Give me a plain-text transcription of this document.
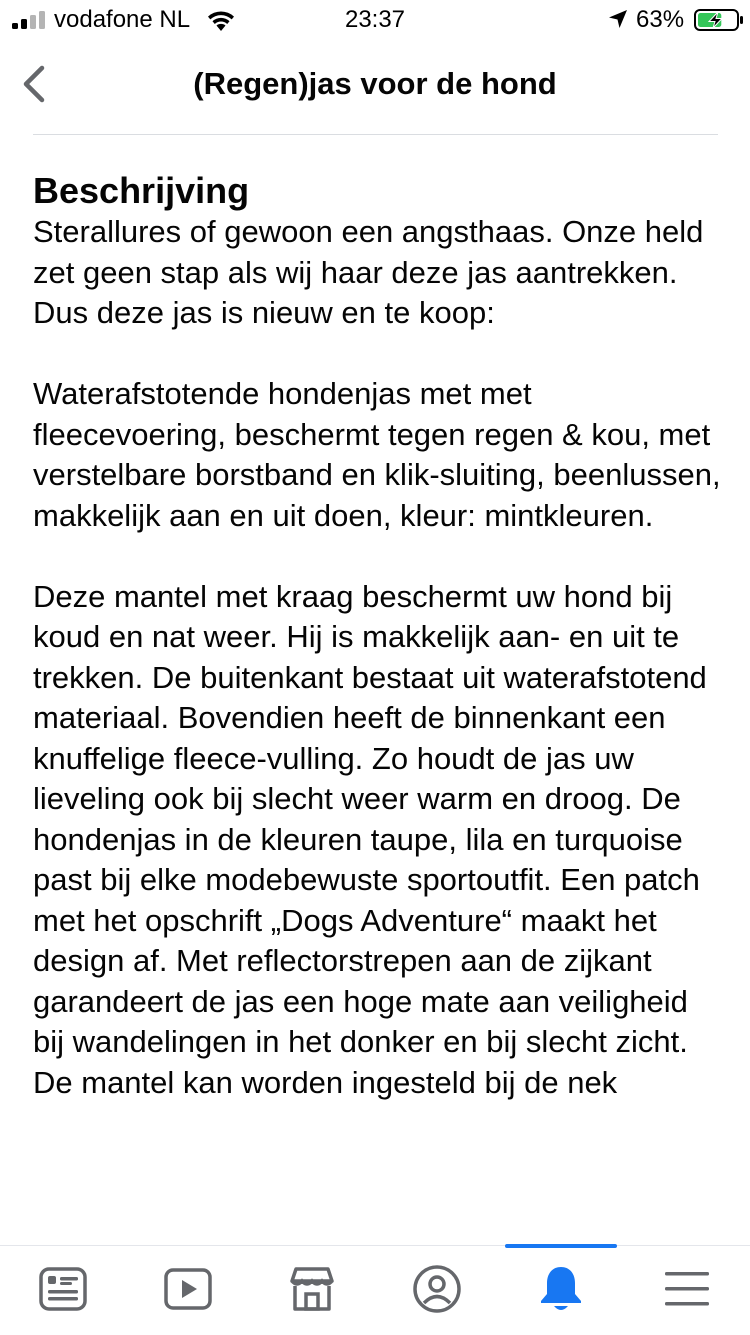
vodafone NL	23:37	63%
(Regen)jas voor de hond
Beschrijving

Sterallures of gewoon een angsthaas. Onze held zet geen stap als wij haar deze jas aantrekken. Dus deze jas is nieuw en te koop:

Waterafstotende hondenjas met met fleecevoering, beschermt tegen regen & kou, met verstelbare borstband en klik-sluiting, beenlussen, makkelijk aan en uit doen, kleur: mintkleuren.

Deze mantel met kraag beschermt uw hond bij koud en nat weer. Hij is makkelijk aan- en uit te trekken. De buitenkant bestaat uit waterafstotend materiaal. Bovendien heeft de binnenkant een knuffelige fleece-vulling. Zo houdt de jas uw lieveling ook bij slecht weer warm en droog. De hondenjas in de kleuren taupe, lila en turquoise past bij elke modebewuste sportoutfit. Een patch met het opschrift „Dogs Adventure“ maakt het design af. Met reflectorstrepen aan de zijkant garandeert de jas een hoge mate aan veiligheid bij wandelingen in het donker en bij slecht zicht.
De mantel kan worden ingesteld bij de nek
